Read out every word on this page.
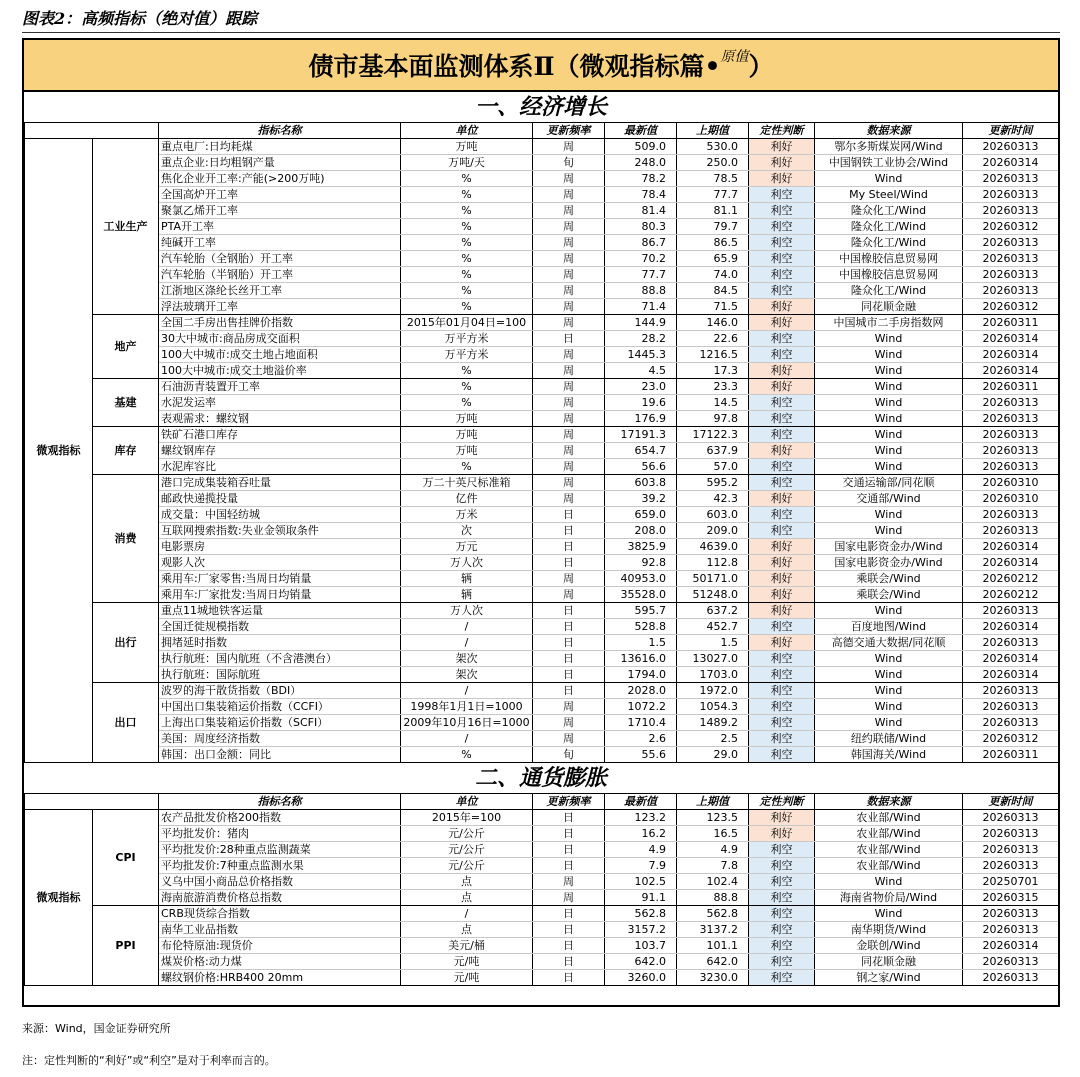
图表2：高频指标（绝对值）跟踪
债市基本面监测体系Ⅱ（微观指标篇• 原值 ）
一、经济增长
		指标名称	单位	更新频率	最新值	上期值	定性判断	数据来源	更新时间
微观指标	工业生产	重点电厂:日均耗煤	万吨	周	509.0	530.0	利好	鄂尔多斯煤炭网/Wind	20260313
		重点企业:日均粗钢产量	万吨/天	旬	248.0	250.0	利好	中国钢铁工业协会/Wind	20260314
		焦化企业开工率:产能(>200万吨)	%	周	78.2	78.5	利好	Wind	20260313
		全国高炉开工率	%	周	78.4	77.7	利空	My Steel/Wind	20260313
		聚氯乙烯开工率	%	周	81.4	81.1	利空	隆众化工/Wind	20260313
		PTA开工率	%	周	80.3	79.7	利空	隆众化工/Wind	20260312
		纯碱开工率	%	周	86.7	86.5	利空	隆众化工/Wind	20260313
		汽车轮胎（全钢胎）开工率	%	周	70.2	65.9	利空	中国橡胶信息贸易网	20260313
		汽车轮胎（半钢胎）开工率	%	周	77.7	74.0	利空	中国橡胶信息贸易网	20260313
		江浙地区涤纶长丝开工率	%	周	88.8	84.5	利空	隆众化工/Wind	20260313
		浮法玻璃开工率	%	周	71.4	71.5	利好	同花顺金融	20260312
	地产	全国二手房出售挂牌价指数	2015年01月04日=100	周	144.9	146.0	利好	中国城市二手房指数网	20260311
		30大中城市:商品房成交面积	万平方米	日	28.2	22.6	利空	Wind	20260314
		100大中城市:成交土地占地面积	万平方米	周	1445.3	1216.5	利空	Wind	20260314
		100大中城市:成交土地溢价率	%	周	4.5	17.3	利好	Wind	20260314
	基建	石油沥青装置开工率	%	周	23.0	23.3	利好	Wind	20260311
		水泥发运率	%	周	19.6	14.5	利空	Wind	20260313
		表观需求：螺纹钢	万吨	周	176.9	97.8	利空	Wind	20260313
	库存	铁矿石港口库存	万吨	周	17191.3	17122.3	利空	Wind	20260313
		螺纹钢库存	万吨	周	654.7	637.9	利好	Wind	20260313
		水泥库容比	%	周	56.6	57.0	利空	Wind	20260313
	消费	港口完成集装箱吞吐量	万二十英尺标准箱	周	603.8	595.2	利空	交通运输部/同花顺	20260310
		邮政快递揽投量	亿件	周	39.2	42.3	利好	交通部/Wind	20260310
		成交量：中国轻纺城	万米	日	659.0	603.0	利空	Wind	20260313
		互联网搜索指数:失业金领取条件	次	日	208.0	209.0	利空	Wind	20260313
		电影票房	万元	日	3825.9	4639.0	利好	国家电影资金办/Wind	20260314
		观影人次	万人次	日	92.8	112.8	利好	国家电影资金办/Wind	20260314
		乘用车:厂家零售:当周日均销量	辆	周	40953.0	50171.0	利好	乘联会/Wind	20260212
		乘用车:厂家批发:当周日均销量	辆	周	35528.0	51248.0	利好	乘联会/Wind	20260212
	出行	重点11城地铁客运量	万人次	日	595.7	637.2	利好	Wind	20260313
		全国迁徙规模指数	/	日	528.8	452.7	利空	百度地图/Wind	20260314
		拥堵延时指数	/	日	1.5	1.5	利好	高德交通大数据/同花顺	20260313
		执行航班：国内航班（不含港澳台）	架次	日	13616.0	13027.0	利空	Wind	20260314
		执行航班：国际航班	架次	日	1794.0	1703.0	利空	Wind	20260314
	出口	波罗的海干散货指数（BDI）	/	日	2028.0	1972.0	利空	Wind	20260313
		中国出口集装箱运价指数（CCFI）	1998年1月1日=1000	周	1072.2	1054.3	利空	Wind	20260313
		上海出口集装箱运价指数（SCFI）	2009年10月16日=1000	周	1710.4	1489.2	利空	Wind	20260313
		美国：周度经济指数	/	周	2.6	2.5	利空	纽约联储/Wind	20260312
		韩国：出口金额：同比	%	旬	55.6	29.0	利空	韩国海关/Wind	20260311
二、通货膨胀
		指标名称	单位	更新频率	最新值	上期值	定性判断	数据来源	更新时间
微观指标	CPI	农产品批发价格200指数	2015年=100	日	123.2	123.5	利好	农业部/Wind	20260313
		平均批发价：猪肉	元/公斤	日	16.2	16.5	利好	农业部/Wind	20260313
		平均批发价:28种重点监测蔬菜	元/公斤	日	4.9	4.9	利空	农业部/Wind	20260313
		平均批发价:7种重点监测水果	元/公斤	日	7.9	7.8	利空	农业部/Wind	20260313
		义乌中国小商品总价格指数	点	周	102.5	102.4	利空	Wind	20250701
		海南旅游消费价格总指数	点	周	91.1	88.8	利空	海南省物价局/Wind	20260315
	PPI	CRB现货综合指数	/	日	562.8	562.8	利空	Wind	20260313
		南华工业品指数	点	日	3157.2	3137.2	利空	南华期货/Wind	20260313
		布伦特原油:现货价	美元/桶	日	103.7	101.1	利空	金联创/Wind	20260314
		煤炭价格:动力煤	元/吨	日	642.0	642.0	利空	同花顺金融	20260313
		螺纹钢价格:HRB400 20mm	元/吨	日	3260.0	3230.0	利空	钢之家/Wind	20260313
来源：Wind，国金证券研究所
注：定性判断的“利好”或“利空”是对于利率而言的。
